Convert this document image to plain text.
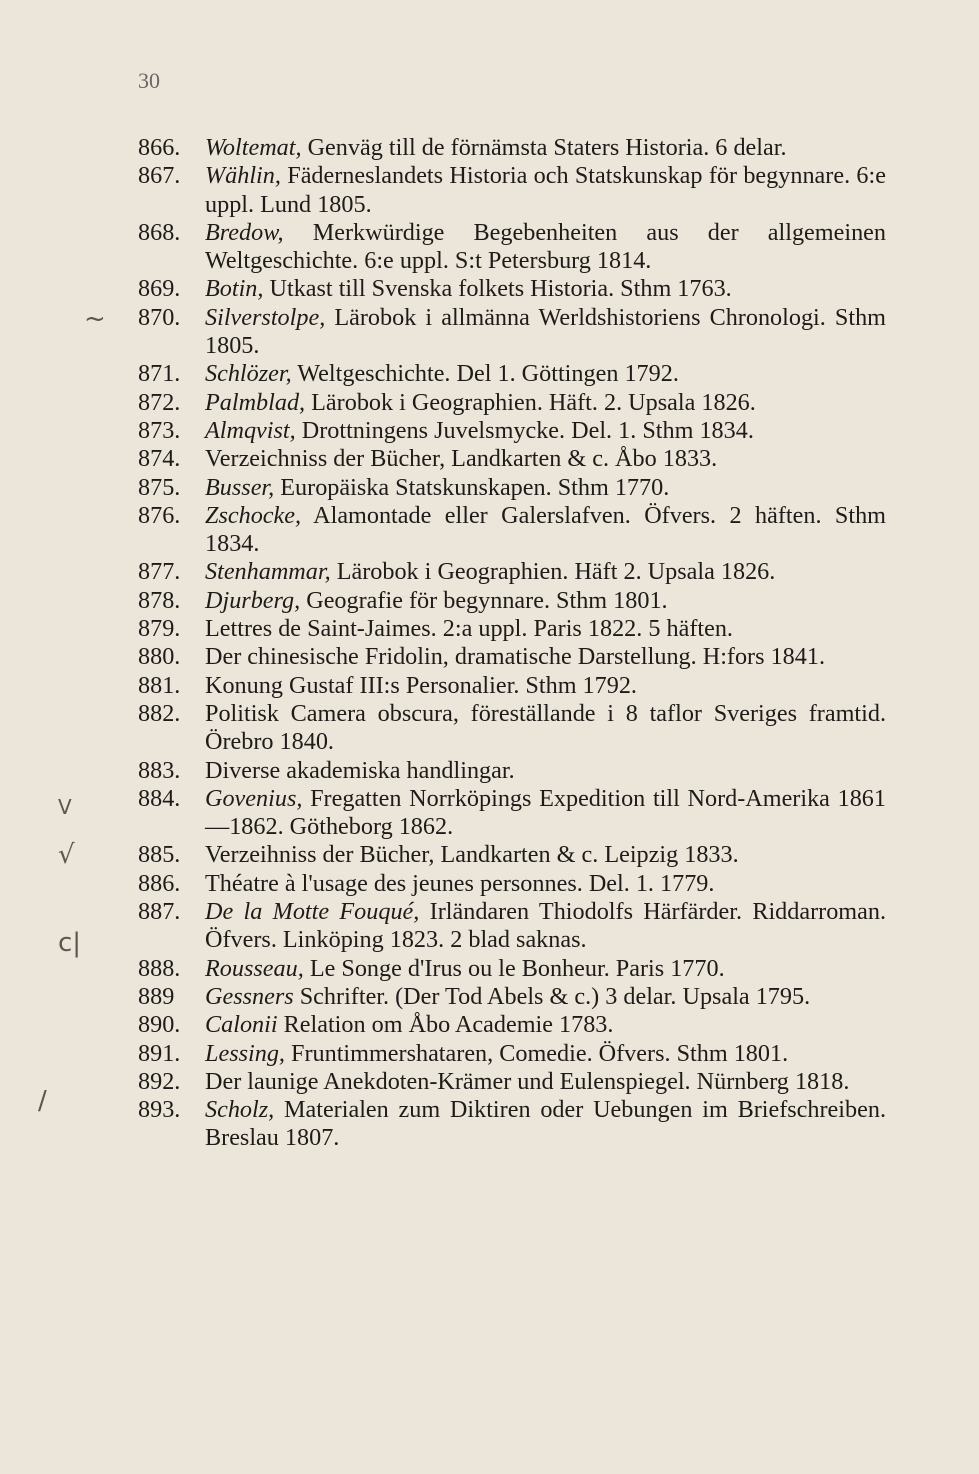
30
~
V
√
c|
/
866.	Woltemat, Genväg till de förnämsta Staters Historia. 6 delar.
867.	Wählin, Fäderneslandets Historia och Statskunskap för begynnare. 6:e uppl. Lund 1805.
868.	Bredow, Merkwürdige Begebenheiten aus der allgemeinen Weltgeschichte. 6:e uppl. S:t Petersburg 1814.
869.	Botin, Utkast till Svenska folkets Historia. Sthm 1763.
870.	Silverstolpe, Lärobok i allmänna Werldshistoriens Chronologi. Sthm 1805.
871.	Schlözer, Weltgeschichte. Del 1. Göttingen 1792.
872.	Palmblad, Lärobok i Geographien. Häft. 2. Upsala 1826.
873.	Almqvist, Drottningens Juvelsmycke. Del. 1. Sthm 1834.
874.	Verzeichniss der Bücher, Landkarten & c. Åbo 1833.
875.	Busser, Europäiska Statskunskapen. Sthm 1770.
876.	Zschocke, Alamontade eller Galerslafven. Öfvers. 2 häften. Sthm 1834.
877.	Stenhammar, Lärobok i Geographien. Häft 2. Upsala 1826.
878.	Djurberg, Geografie för begynnare. Sthm 1801.
879.	Lettres de Saint-Jaimes. 2:a uppl. Paris 1822. 5 häften.
880.	Der chinesische Fridolin, dramatische Darstellung. H:fors 1841.
881.	Konung Gustaf III:s Personalier. Sthm 1792.
882.	Politisk Camera obscura, föreställande i 8 taflor Sveriges framtid. Örebro 1840.
883.	Diverse akademiska handlingar.
884.	Govenius, Fregatten Norrköpings Expedition till Nord-Amerika 1861—1862. Götheborg 1862.
885.	Verzeihniss der Bücher, Landkarten & c. Leipzig 1833.
886.	Théatre à l'usage des jeunes personnes. Del. 1. 1779.
887.	De la Motte Fouqué, Irländaren Thiodolfs Härfärder. Riddarroman. Öfvers. Linköping 1823. 2 blad saknas.
888.	Rousseau, Le Songe d'Irus ou le Bonheur. Paris 1770.
889	Gessners Schrifter. (Der Tod Abels & c.) 3 delar. Upsala 1795.
890.	Calonii Relation om Åbo Academie 1783.
891.	Lessing, Fruntimmershataren, Comedie. Öfvers. Sthm 1801.
892.	Der launige Anekdoten-Krämer und Eulenspiegel. Nürnberg 1818.
893.	Scholz, Materialen zum Diktiren oder Uebungen im Briefschreiben. Breslau 1807.
